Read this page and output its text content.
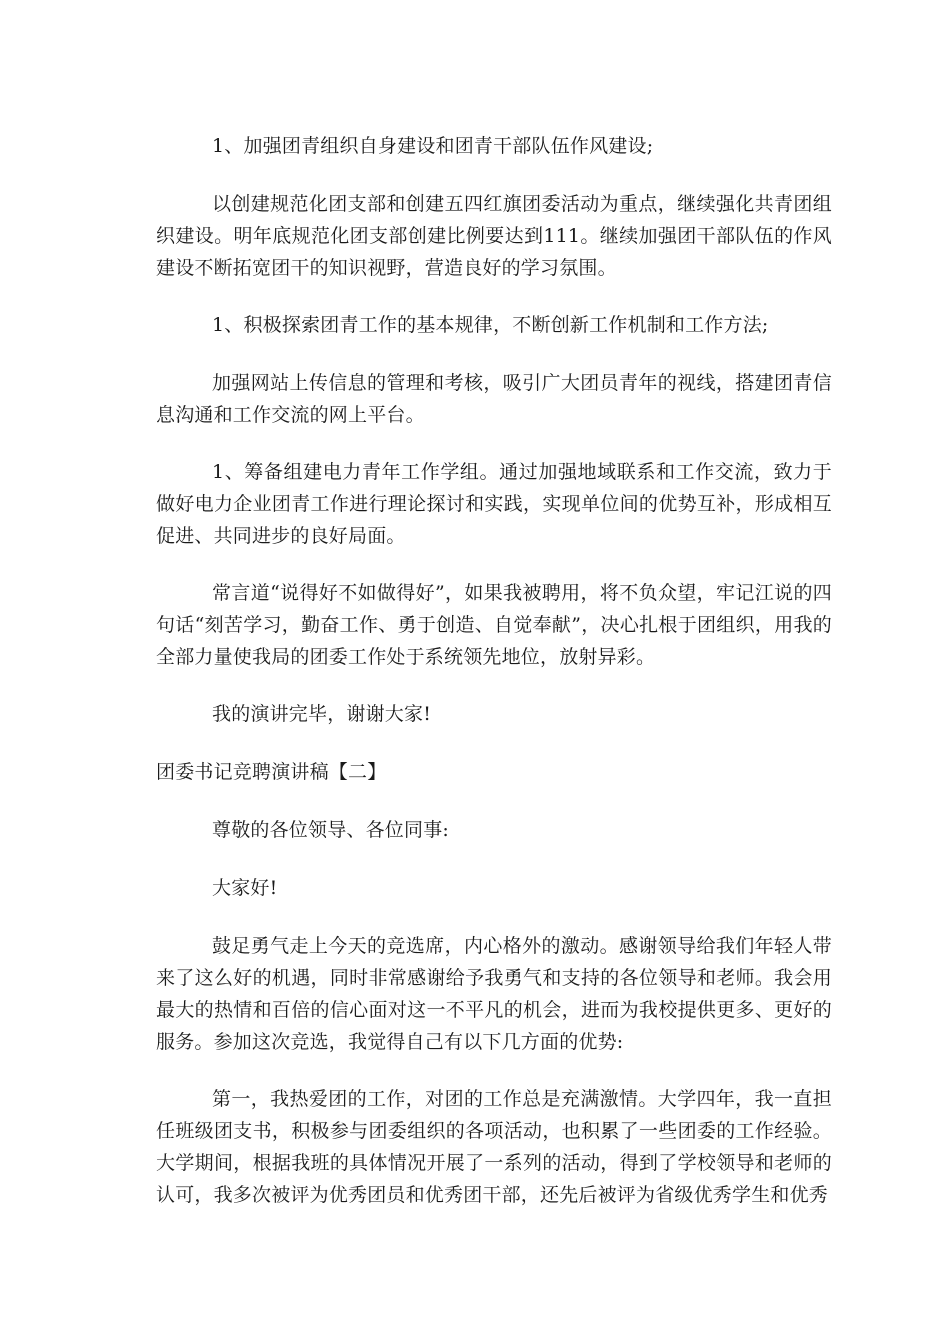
1、加强团青组织自身建设和团青干部队伍作风建设;

以创建规范化团支部和创建五四红旗团委活动为重点，继续强化共青团组织建设。明年底规范化团支部创建比例要达到111。继续加强团干部队伍的作风建设不断拓宽团干的知识视野，营造良好的学习氛围。

1、积极探索团青工作的基本规律，不断创新工作机制和工作方法;

加强网站上传信息的管理和考核，吸引广大团员青年的视线，搭建团青信息沟通和工作交流的网上平台。

1、筹备组建电力青年工作学组。通过加强地域联系和工作交流，致力于做好电力企业团青工作进行理论探讨和实践，实现单位间的优势互补，形成相互促进、共同进步的良好局面。

常言道“说得好不如做得好”，如果我被聘用，将不负众望，牢记江说的四句话“刻苦学习，勤奋工作、勇于创造、自觉奉献”，决心扎根于团组织，用我的全部力量使我局的团委工作处于系统领先地位，放射异彩。

我的演讲完毕，谢谢大家!

团委书记竞聘演讲稿【二】

尊敬的各位领导、各位同事:

大家好!

鼓足勇气走上今天的竞选席，内心格外的激动。感谢领导给我们年轻人带来了这么好的机遇，同时非常感谢给予我勇气和支持的各位领导和老师。我会用最大的热情和百倍的信心面对这一不平凡的机会，进而为我校提供更多、更好的服务。参加这次竞选，我觉得自己有以下几方面的优势:

第一，我热爱团的工作，对团的工作总是充满激情。大学四年，我一直担任班级团支书，积极参与团委组织的各项活动，也积累了一些团委的工作经验。大学期间，根据我班的具体情况开展了一系列的活动，得到了学校领导和老师的认可，我多次被评为优秀团员和优秀团干部，还先后被评为省级优秀学生和优秀
